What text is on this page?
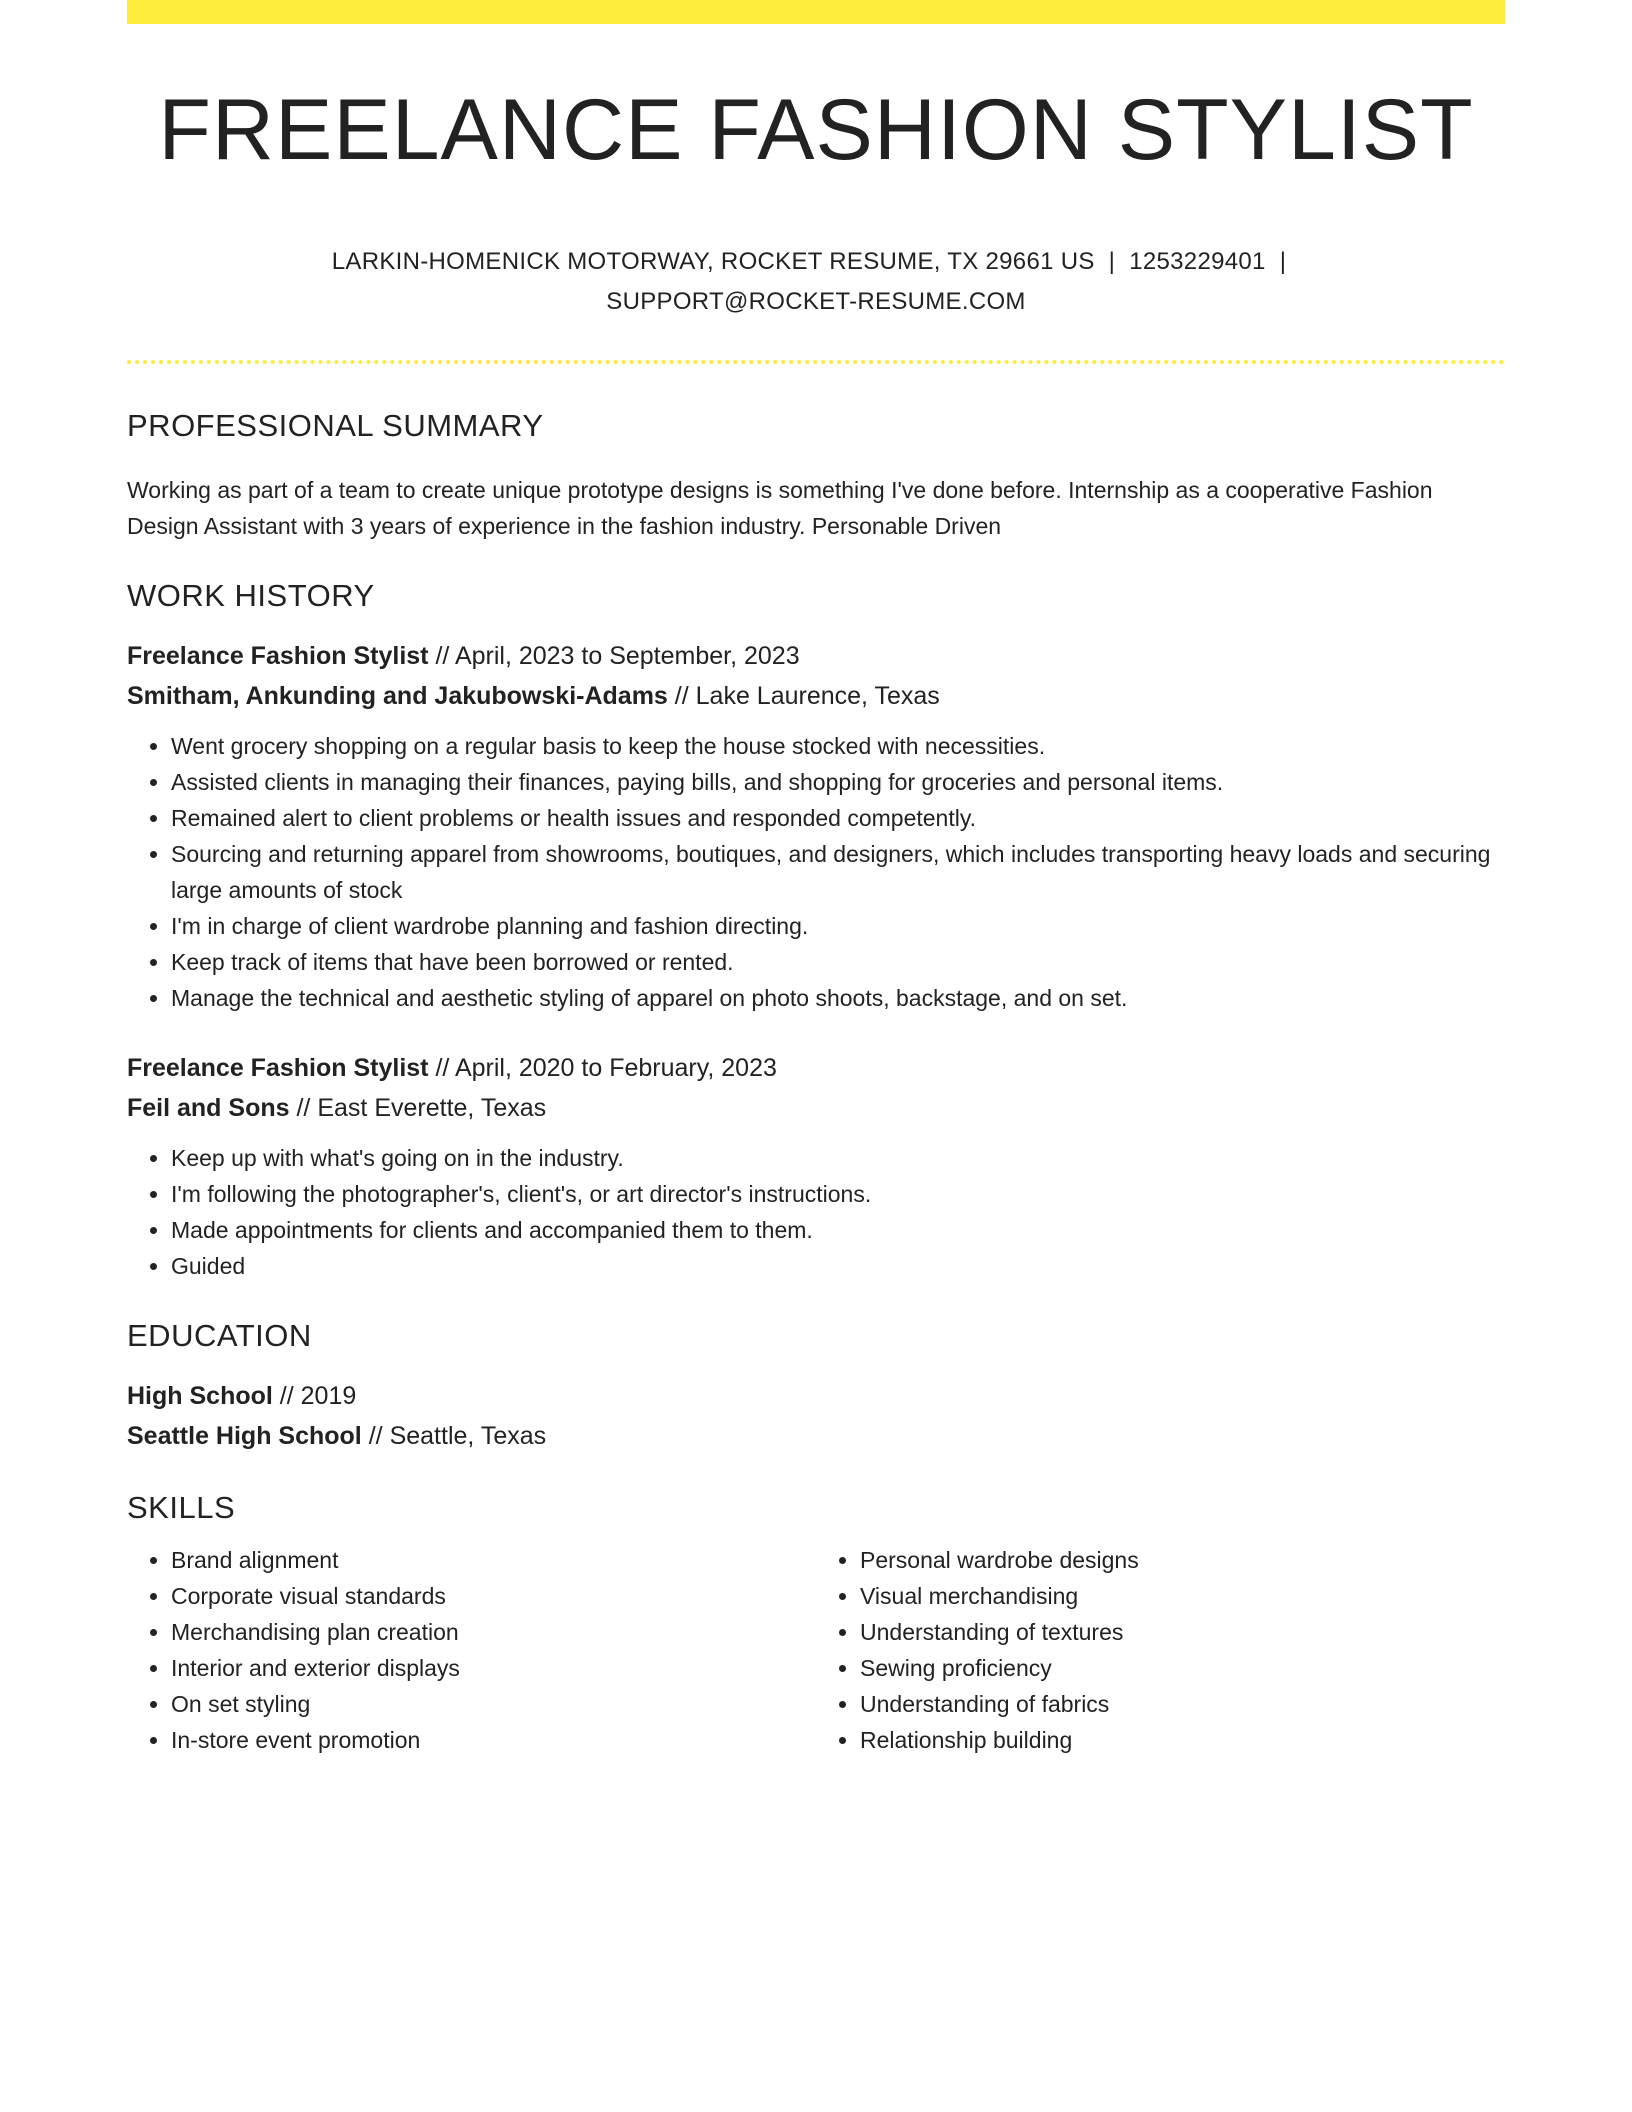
FREELANCE FASHION STYLIST
LARKIN-HOMENICK MOTORWAY, ROCKET RESUME, TX 29661 US | 1253229401 |
SUPPORT@ROCKET-RESUME.COM
PROFESSIONAL SUMMARY

Working as part of a team to create unique prototype designs is something I've done before. Internship as a cooperative Fashion Design Assistant with 3 years of experience in the fashion industry. Personable Driven

WORK HISTORY
Freelance Fashion Stylist // April, 2023 to September, 2023
Smitham, Ankunding and Jakubowski-Adams // Lake Laurence, Texas
• Went grocery shopping on a regular basis to keep the house stocked with necessities.
• Assisted clients in managing their finances, paying bills, and shopping for groceries and personal items.
• Remained alert to client problems or health issues and responded competently.
• Sourcing and returning apparel from showrooms, boutiques, and designers, which includes transporting heavy loads and securing large amounts of stock
• I'm in charge of client wardrobe planning and fashion directing.
• Keep track of items that have been borrowed or rented.
• Manage the technical and aesthetic styling of apparel on photo shoots, backstage, and on set.
Freelance Fashion Stylist // April, 2020 to February, 2023
Feil and Sons // East Everette, Texas
• Keep up with what's going on in the industry.
• I'm following the photographer's, client's, or art director's instructions.
• Made appointments for clients and accompanied them to them.
• Guided
EDUCATION
High School // 2019
Seattle High School // Seattle, Texas
SKILLS
• Brand alignment
• Corporate visual standards
• Merchandising plan creation
• Interior and exterior displays
• On set styling
• In-store event promotion
• Personal wardrobe designs
• Visual merchandising
• Understanding of textures
• Sewing proficiency
• Understanding of fabrics
• Relationship building
